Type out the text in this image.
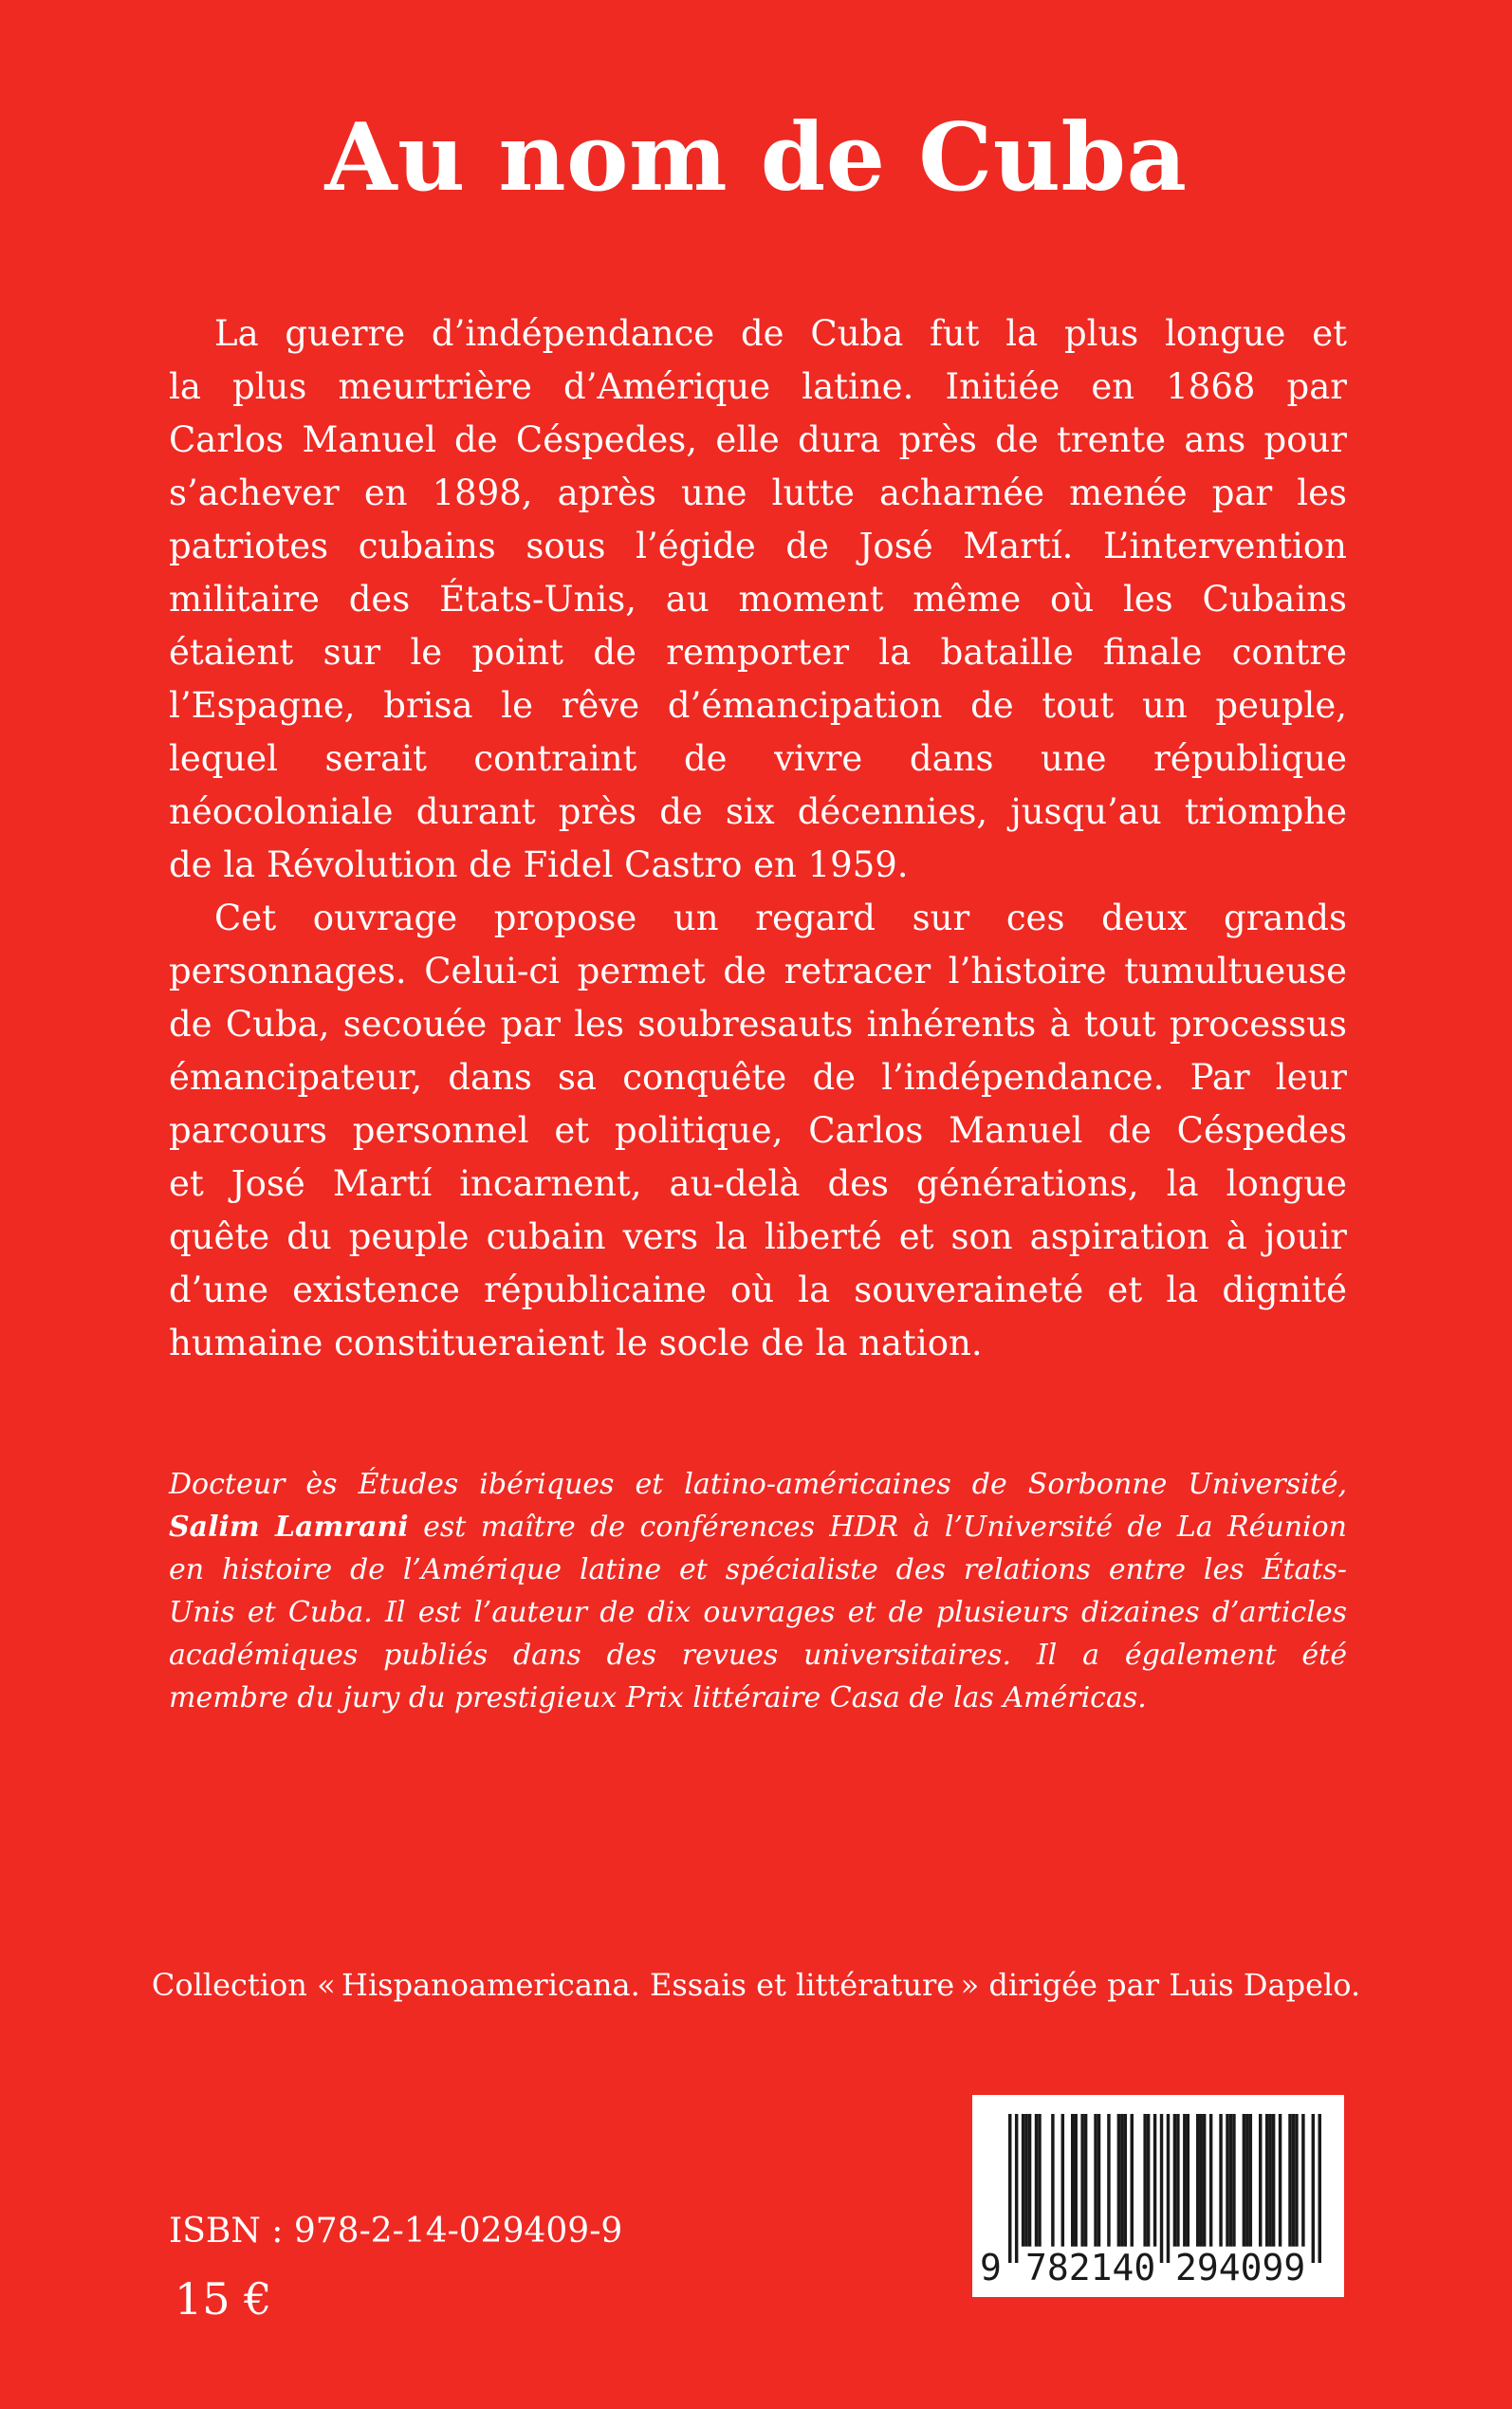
Au nom de Cuba
La guerre d’indépendance de Cuba fut la plus longue et
la plus meurtrière d’Amérique latine. Initiée en 1868 par
Carlos Manuel de Céspedes, elle dura près de trente ans pour
s’achever en 1898, après une lutte acharnée menée par les
patriotes cubains sous l’égide de José Martí. L’intervention
militaire des États-Unis, au moment même où les Cubains
étaient sur le point de remporter la bataille finale contre
l’Espagne, brisa le rêve d’émancipation de tout un peuple,
lequel serait contraint de vivre dans une république
néocoloniale durant près de six décennies, jusqu’au triomphe
de la Révolution de Fidel Castro en 1959.
Cet ouvrage propose un regard sur ces deux grands
personnages. Celui-ci permet de retracer l’histoire tumultueuse
de Cuba, secouée par les soubresauts inhérents à tout processus
émancipateur, dans sa conquête de l’indépendance. Par leur
parcours personnel et politique, Carlos Manuel de Céspedes
et José Martí incarnent, au-delà des générations, la longue
quête du peuple cubain vers la liberté et son aspiration à jouir
d’une existence républicaine où la souveraineté et la dignité
humaine constitueraient le socle de la nation.
Docteur ès Études ibériques et latino-américaines de Sorbonne Université,
Salim Lamrani est maître de conférences HDR à l’Université de La Réunion
en histoire de l’Amérique latine et spécialiste des relations entre les États-
Unis et Cuba. Il est l’auteur de dix ouvrages et de plusieurs dizaines d’articles
académiques publiés dans des revues universitaires. Il a également été
membre du jury du prestigieux Prix littéraire Casa de las Américas.
Collection « Hispanoamericana. Essais et littérature » dirigée par Luis Dapelo.
ISBN : 978-2-14-029409-9
15 €
9 782140 294099
